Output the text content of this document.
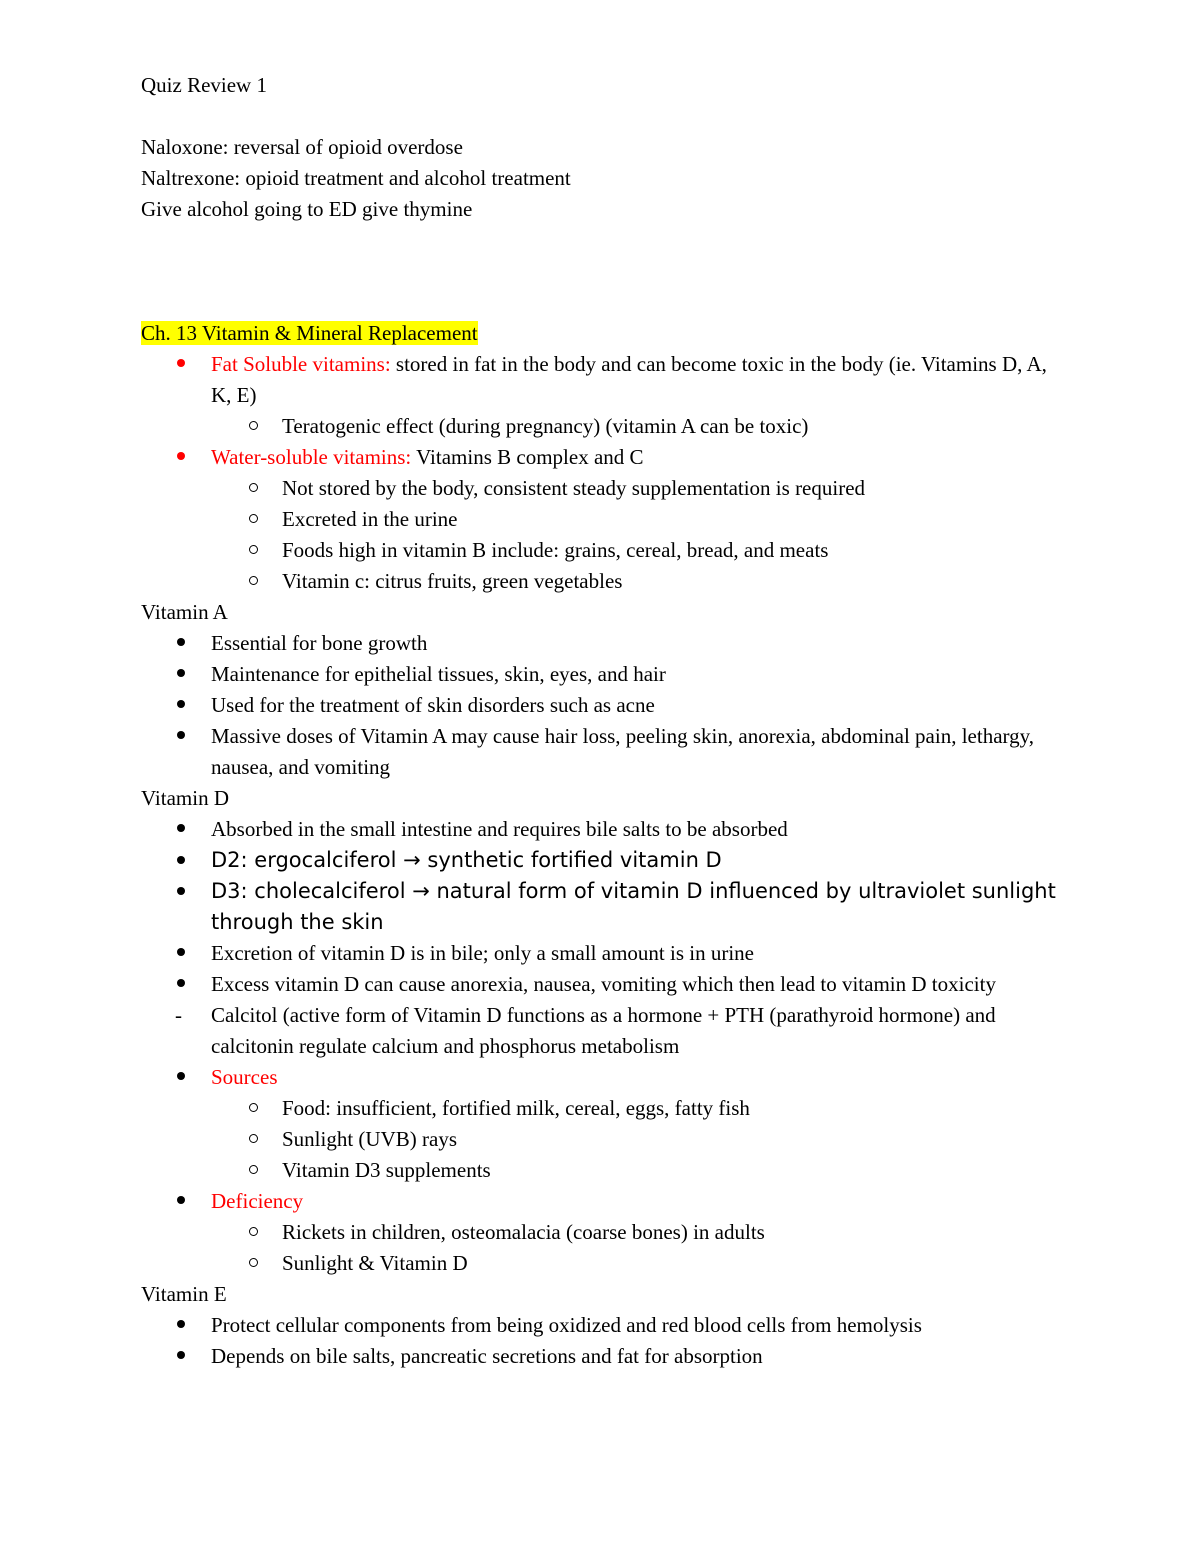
Quiz Review 1

Naloxone: reversal of opioid overdose

Naltrexone: opioid treatment and alcohol treatment

Give alcohol going to ED give thymine

Ch. 13 Vitamin & Mineral Replacement

Fat Soluble vitamins: stored in fat in the body and can become toxic in the body (ie. Vitamins D, A, K, E)
Teratogenic effect (during pregnancy) (vitamin A can be toxic)
Water-soluble vitamins: Vitamins B complex and C
Not stored by the body, consistent steady supplementation is required
Excreted in the urine
Foods high in vitamin B include: grains, cereal, bread, and meats
Vitamin c: citrus fruits, green vegetables

Vitamin A

Essential for bone growth
Maintenance for epithelial tissues, skin, eyes, and hair
Used for the treatment of skin disorders such as acne
Massive doses of Vitamin A may cause hair loss, peeling skin, anorexia, abdominal pain, lethargy, nausea, and vomiting

Vitamin D

Absorbed in the small intestine and requires bile salts to be absorbed
D2: ergocalciferol → synthetic fortified vitamin D
D3: cholecalciferol → natural form of vitamin D influenced by ultraviolet sunlight through the skin
Excretion of vitamin D is in bile; only a small amount is in urine
Excess vitamin D can cause anorexia, nausea, vomiting which then lead to vitamin D toxicity
- Calcitol (active form of Vitamin D functions as a hormone + PTH (parathyroid hormone) and calcitonin regulate calcium and phosphorus metabolism
Sources
Food: insufficient, fortified milk, cereal, eggs, fatty fish
Sunlight (UVB) rays
Vitamin D3 supplements
Deficiency
Rickets in children, osteomalacia (coarse bones) in adults
Sunlight & Vitamin D

Vitamin E

Protect cellular components from being oxidized and red blood cells from hemolysis
Depends on bile salts, pancreatic secretions and fat for absorption
